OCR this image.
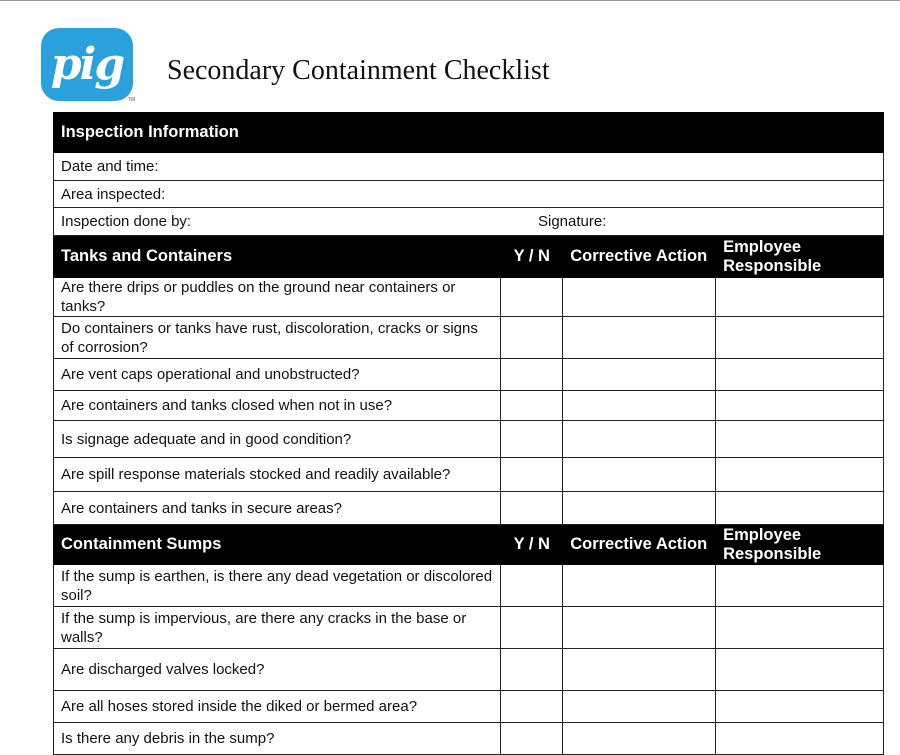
pig
TM
Secondary Containment Checklist
Inspection Information			
Date and time:			
Area inspected:			
Inspection done by: Signature:			

Tanks and Containers	Y / N	Corrective Action	Employee Responsible
Are there drips or puddles on the ground near containers or tanks?			
Do containers or tanks have rust, discoloration, cracks or signs of corrosion?			
Are vent caps operational and unobstructed?			
Are containers and tanks closed when not in use?			
Is signage adequate and in good condition?			
Are spill response materials stocked and readily available?			
Are containers and tanks in secure areas?			
Containment Sumps	Y / N	Corrective Action	Employee Responsible
If the sump is earthen, is there any dead vegetation or discolored soil?			
If the sump is impervious, are there any cracks in the base or walls?			
Are discharged valves locked?			
Are all hoses stored inside the diked or bermed area?			
Is there any debris in the sump?			
